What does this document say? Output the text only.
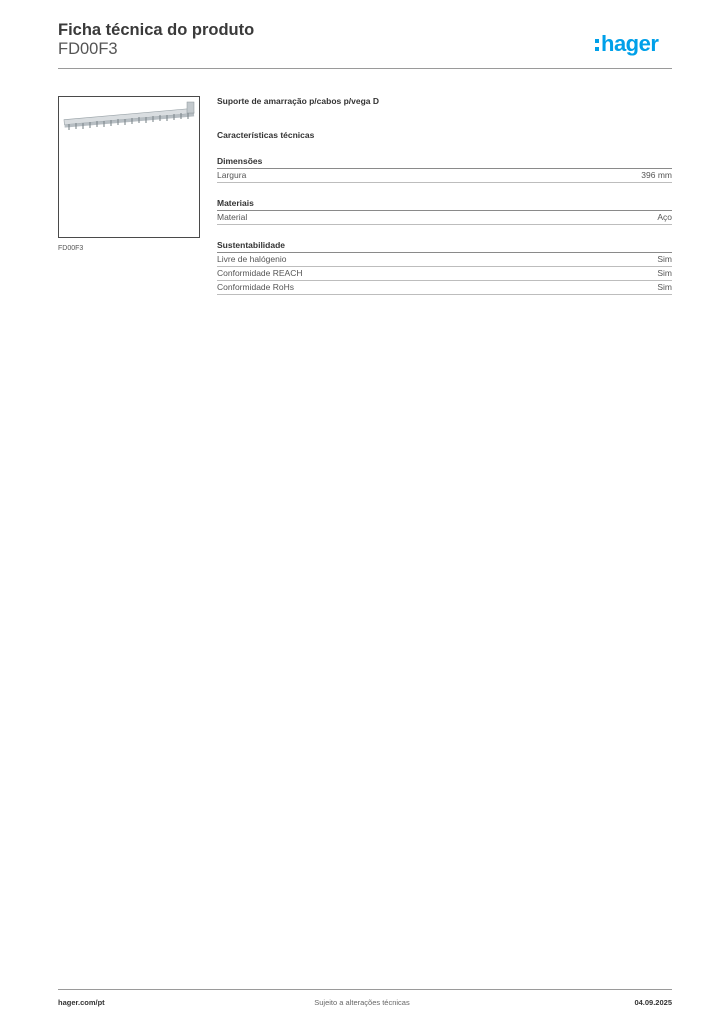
Ficha técnica do produto
FD00F3	hager
FD00F3
Suporte de amarração p/cabos p/vega D
Características técnicas
Dimensões
Largura	396 mm
Materiais
Material	Aço
Sustentabilidade
Livre de halógenio	Sim
Conformidade REACH	Sim
Conformidade RoHs	Sim
hager.com/pt	Sujeito a alterações técnicas	04.09.2025
